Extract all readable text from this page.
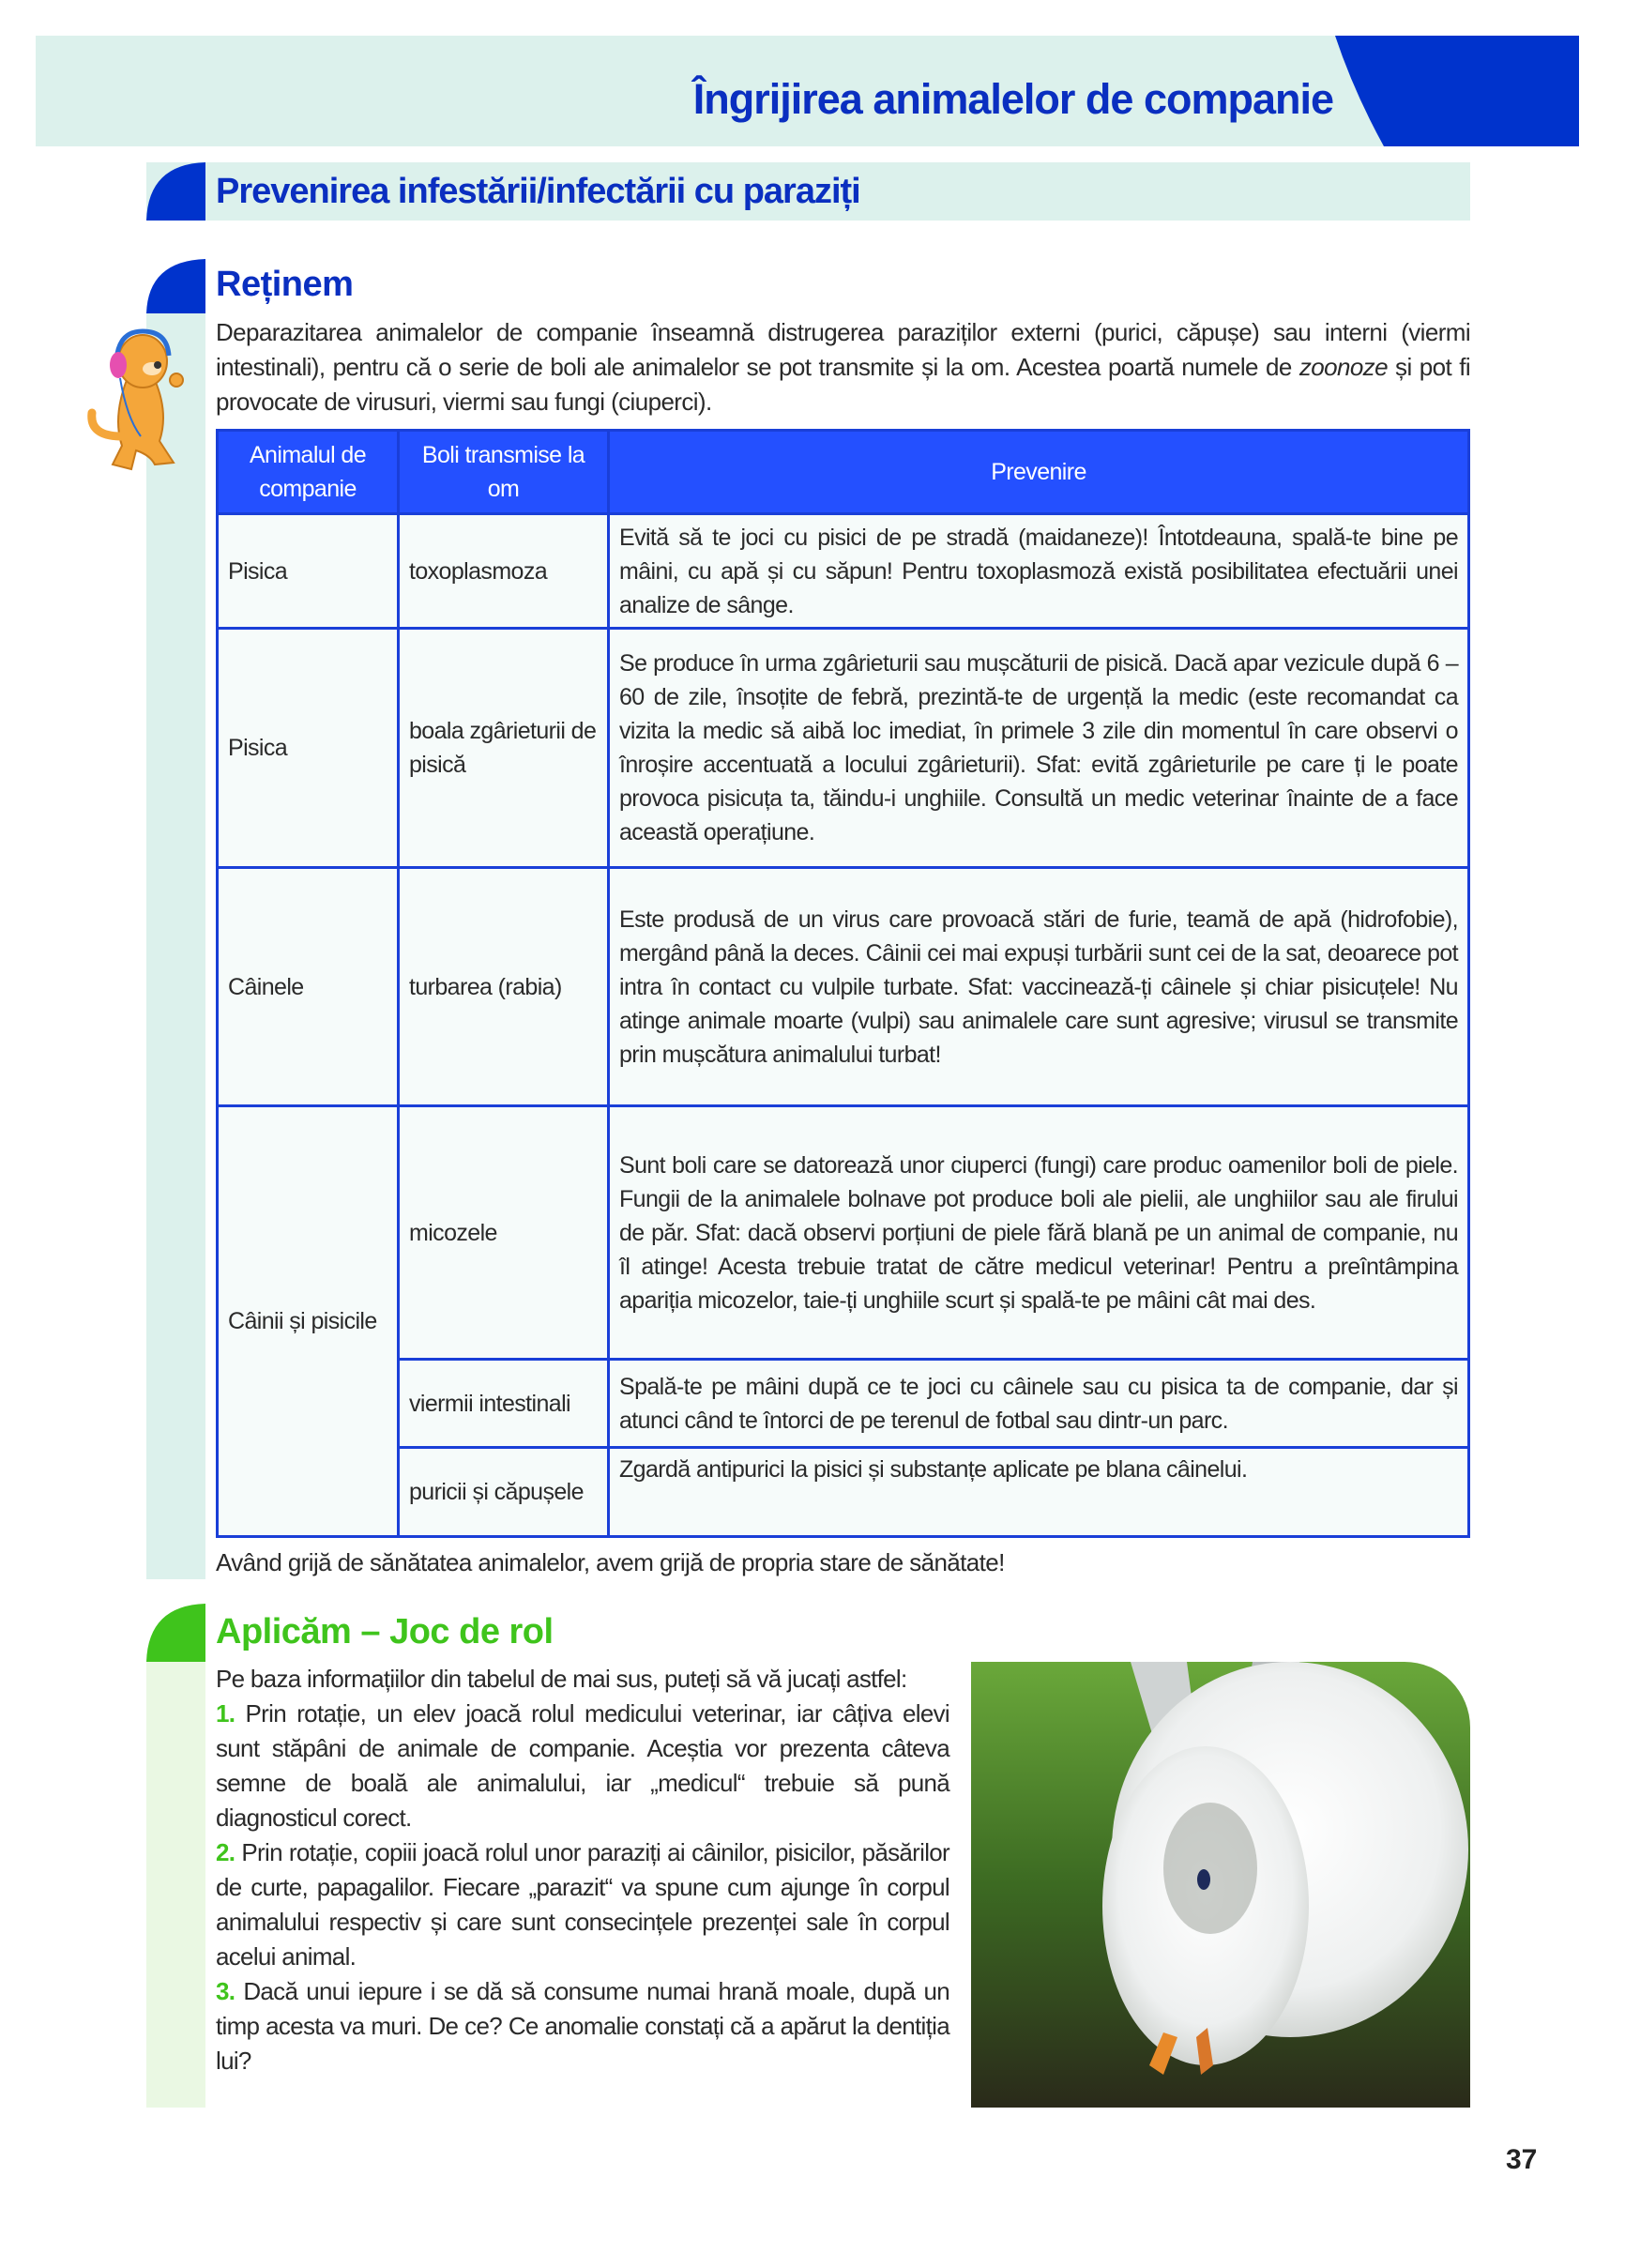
Îngrijirea animalelor de companie
Prevenirea infestării/infectării cu paraziți
Reținem
Deparazitarea animalelor de companie înseamnă distrugerea paraziților externi (purici, căpușe) sau interni (viermi intestinali), pentru că o serie de boli ale animalelor se pot transmite și la om. Acestea poartă numele de zoonoze și pot fi provocate de virusuri, viermi sau fungi (ciuperci).
Animalul de companie	Boli transmise la om	Prevenire
Pisica	toxoplasmoza	Evită să te joci cu pisici de pe stradă (maidaneze)! Întotdeauna, spală-te bine pe mâini, cu apă și cu săpun! Pentru toxoplasmoză există posibilitatea efectuării unei analize de sânge.
Pisica	boala zgârieturii de pisică	Se produce în urma zgârieturii sau mușcăturii de pisică. Dacă apar vezicule după 6 – 60 de zile, însoțite de febră, prezintă-te de urgență la medic (este recomandat ca vizita la medic să aibă loc imediat, în primele 3 zile din momentul în care observi o înroșire accentuată a locului zgârieturii). Sfat: evită zgârieturile pe care ți le poate provoca pisicuța ta, tăindu-i unghiile. Consultă un medic veterinar înainte de a face această operațiune.
Câinele	turbarea (rabia)	Este produsă de un virus care provoacă stări de furie, teamă de apă (hidrofobie), mergând până la deces. Câinii cei mai expuși turbării sunt cei de la sat, deoarece pot intra în contact cu vulpile turbate. Sfat: vaccinează-ți câinele și chiar pisicuțele! Nu atinge animale moarte (vulpi) sau animalele care sunt agresive; virusul se transmite prin mușcătura animalului turbat!
Câinii și pisicile	micozele	Sunt boli care se datorează unor ciuperci (fungi) care produc oamenilor boli de piele. Fungii de la animalele bolnave pot produce boli ale pielii, ale unghiilor sau ale firului de păr. Sfat: dacă observi porțiuni de piele fără blană pe un animal de companie, nu îl atinge! Acesta trebuie tratat de către medicul veterinar! Pentru a preîntâmpina apariția micozelor, taie-ți unghiile scurt și spală-te pe mâini cât mai des.
	viermii intestinali	Spală-te pe mâini după ce te joci cu câinele sau cu pisica ta de companie, dar și atunci când te întorci de pe terenul de fotbal sau dintr-un parc.
	puricii și căpușele	Zgardă antipurici la pisici și substanțe aplicate pe blana câinelui.
Având grijă de sănătatea animalelor, avem grijă de propria stare de sănătate!
Aplicăm – Joc de rol
Pe baza informațiilor din tabelul de mai sus, puteți să vă jucați astfel:
1. Prin rotație, un elev joacă rolul medicului veterinar, iar câțiva elevi sunt stăpâni de animale de companie. Aceștia vor prezenta câteva semne de boală ale animalului, iar „medicul“ trebuie să pună diagnosticul corect.
2. Prin rotație, copiii joacă rolul unor paraziți ai câinilor, pisicilor, păsărilor de curte, papagalilor. Fiecare „parazit“ va spune cum ajunge în corpul animalului respectiv și care sunt consecințele prezenței sale în corpul acelui animal.
3. Dacă unui iepure i se dă să consume numai hrană moale, după un timp acesta va muri. De ce? Ce anomalie constați că a apărut la dentiția lui?
37
